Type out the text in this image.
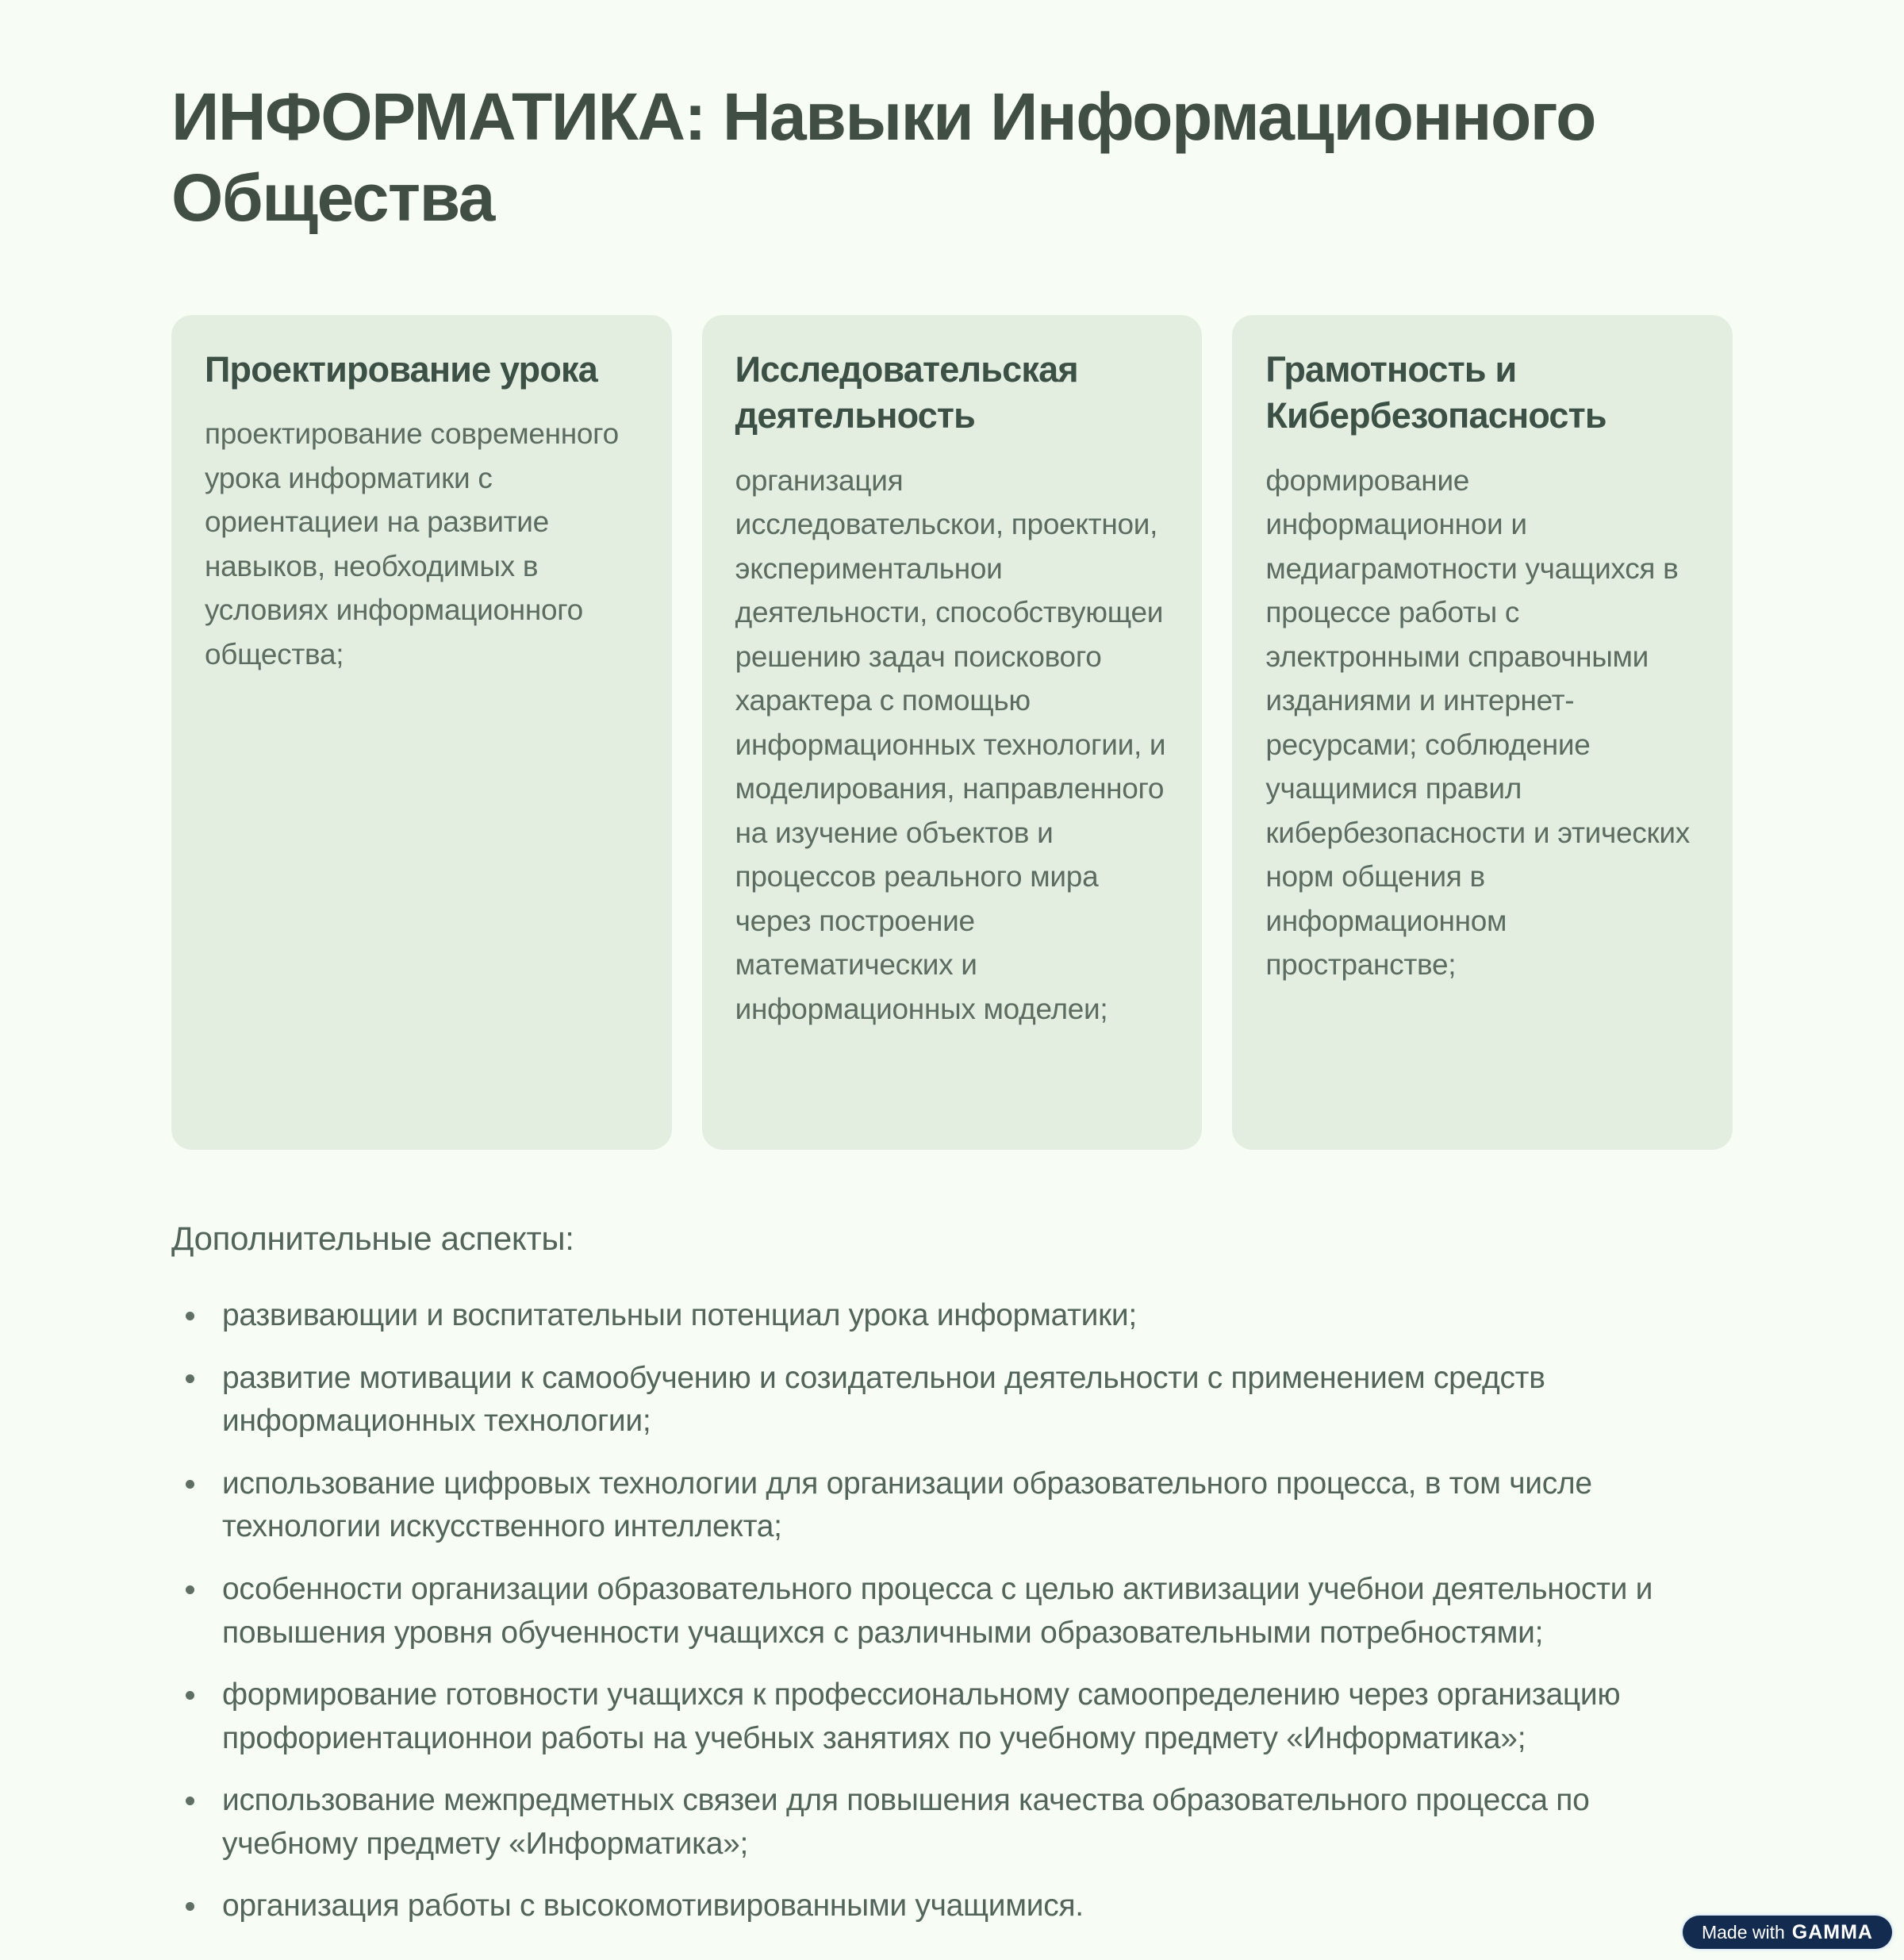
ИНФОРМАТИКА: Навыки Информационного Общества
Проектирование урока

проектирование современного урока информатики с ориентациеи на развитие навыков, необходимых в условиях информационного общества;

Исследовательская деятельность

организация исследовательскои, проектнои, экспериментальнои деятельности, способствующеи решению задач поискового характера с помощью информационных технологии, и моделирования, направленного на изучение объектов и процессов реального мира через построение математических и информационных моделеи;

Грамотность и Кибербезопасность

формирование информационнои и медиаграмотности учащихся в процессе работы с электронными справочными изданиями и интернет-ресурсами; соблюдение учащимися правил кибербезопасности и этических норм общения в информационном пространстве;

Дополнительные аспекты:
развивающии и воспитательныи потенциал урока информатики;
развитие мотивации к самообучению и созидательнои деятельности с применением средств информационных технологии;
использование цифровых технологии для организации образовательного процесса, в том числе технологии искусственного интеллекта;
особенности организации образовательного процесса с целью активизации учебнои деятельности и повышения уровня обученности учащихся с различными образовательными потребностями;
формирование готовности учащихся к профессиональному самоопределению через организацию профориентационнои работы на учебных занятиях по учебному предмету «Информатика»;
использование межпредметных связеи для повышения качества образовательного процесса по учебному предмету «Информатика»;
организация работы с высокомотивированными учащимися.
Made with GAMMA
